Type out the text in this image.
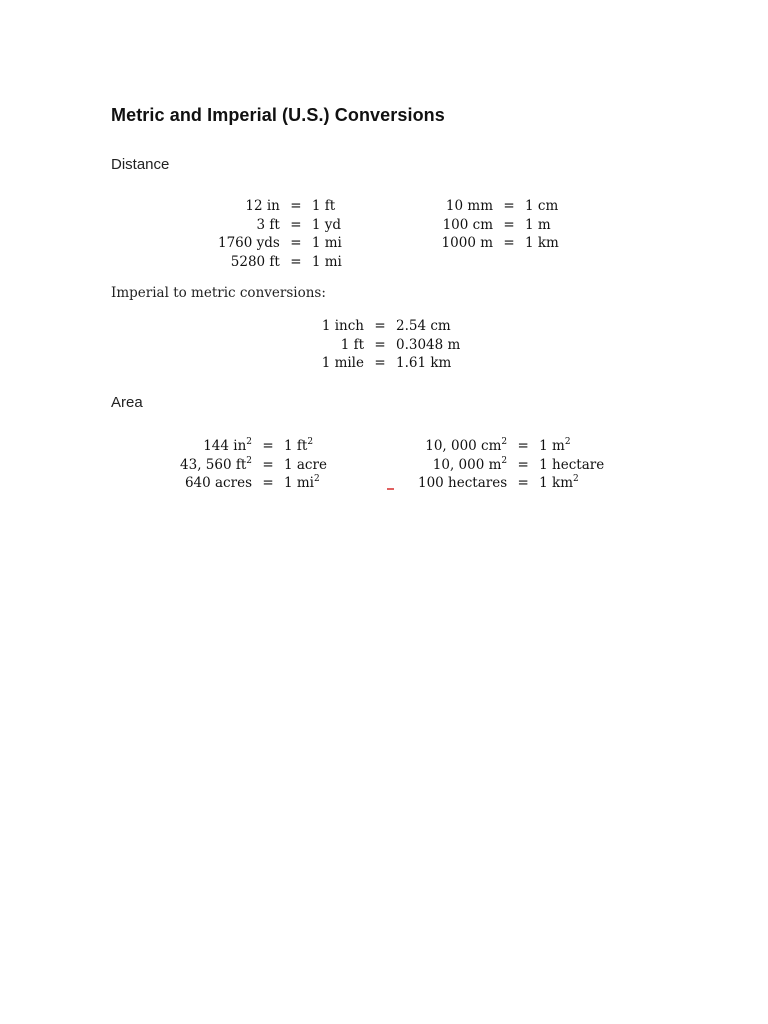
Metric and Imperial (U.S.) Conversions
Distance
12 in	=	1 ft
3 ft	=	1 yd
1760 yds	=	1 mi
5280 ft	=	1 mi
10 mm	=	1 cm
100 cm	=	1 m
1000 m	=	1 km
Imperial to metric conversions:
1 inch	=	2.54 cm
1 ft	=	0.3048 m
1 mile	=	1.61 km
Area
144 $in^2$	=	1 $ft^2$
43, 560 $ft^2$	=	1 acre
640 acres	=	1 $mi^2$
10, 000 $cm^2$	=	1 $m^2$
10, 000 $m^2$	=	1 hectare
100 hectares	=	1 $km^2$
